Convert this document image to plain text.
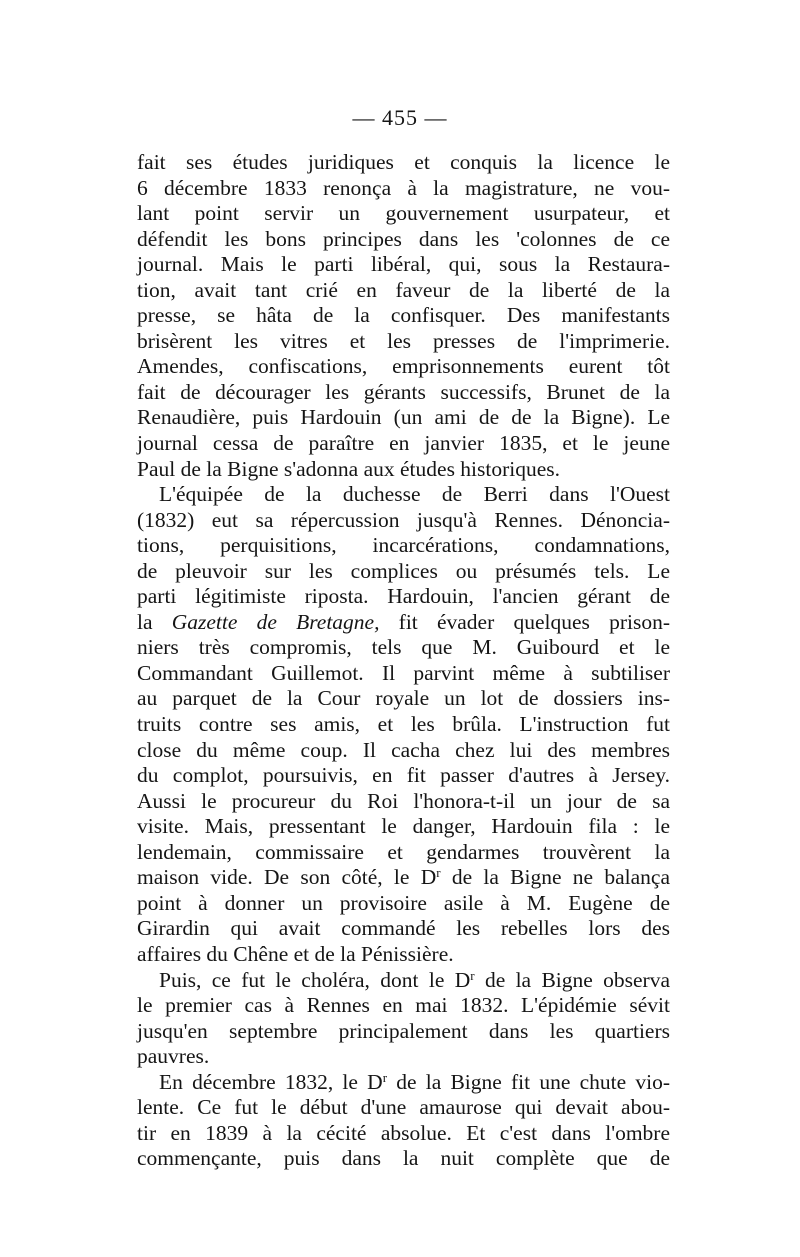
— 455 —
fait ses études juridiques et conquis la licence le
6 décembre 1833 renonça à la magistrature, ne vou-
lant point servir un gouvernement usurpateur, et
défendit les bons principes dans les 'colonnes de ce
journal. Mais le parti libéral, qui, sous la Restaura-
tion, avait tant crié en faveur de la liberté de la
presse, se hâta de la confisquer. Des manifestants
brisèrent les vitres et les presses de l'imprimerie.
Amendes, confiscations, emprisonnements eurent tôt
fait de décourager les gérants successifs, Brunet de la
Renaudière, puis Hardouin (un ami de de la Bigne). Le
journal cessa de paraître en janvier 1835, et le jeune
Paul de la Bigne s'adonna aux études historiques.
L'équipée de la duchesse de Berri dans l'Ouest
(1832) eut sa répercussion jusqu'à Rennes. Dénoncia-
tions, perquisitions, incarcérations, condamnations,
de pleuvoir sur les complices ou présumés tels. Le
parti légitimiste riposta. Hardouin, l'ancien gérant de
la Gazette de Bretagne, fit évader quelques prison-
niers très compromis, tels que M. Guibourd et le
Commandant Guillemot. Il parvint même à subtiliser
au parquet de la Cour royale un lot de dossiers ins-
truits contre ses amis, et les brûla. L'instruction fut
close du même coup. Il cacha chez lui des membres
du complot, poursuivis, en fit passer d'autres à Jersey.
Aussi le procureur du Roi l'honora-t-il un jour de sa
visite. Mais, pressentant le danger, Hardouin fila : le
lendemain, commissaire et gendarmes trouvèrent la
maison vide. De son côté, le $D^r$ de la Bigne ne balança
point à donner un provisoire asile à M. Eugène de
Girardin qui avait commandé les rebelles lors des
affaires du Chêne et de la Pénissière.
Puis, ce fut le choléra, dont le $D^r$ de la Bigne observa
le premier cas à Rennes en mai 1832. L'épidémie sévit
jusqu'en septembre principalement dans les quartiers
pauvres.
En décembre 1832, le $D^r$ de la Bigne fit une chute vio-
lente. Ce fut le début d'une amaurose qui devait abou-
tir en 1839 à la cécité absolue. Et c'est dans l'ombre
commençante, puis dans la nuit complète que de
